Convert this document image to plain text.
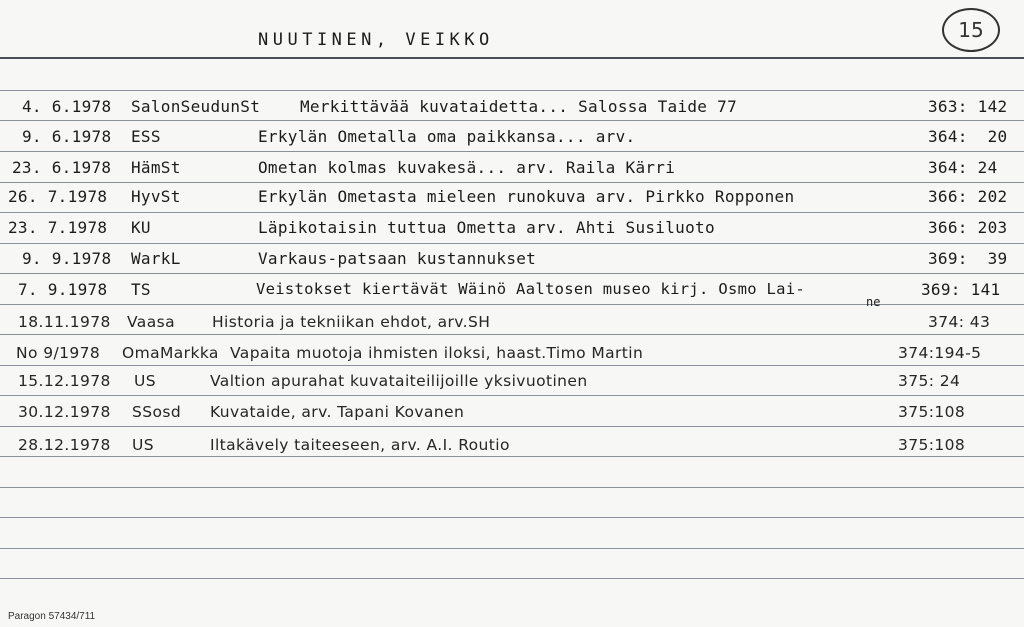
NUUTINEN, VEIKKO	15
4. 6.1978 SalonSeudunSt Merkittävää kuvataidetta... Salossa Taide 77	363: 142
9. 6.1978 ESS	Erkylän Ometalla oma paikkansa... arv.	364:  20
23. 6.1978 HämSt	Ometan kolmas kuvakesä... arv. Raila Kärri	364: 24
26. 7.1978 HyvSt	Erkylän Ometasta mieleen runokuva arv. Pirkko Ropponen	366: 202
23. 7.1978 KU	Läpikotaisin tuttua Ometta arv. Ahti Susiluoto	366: 203
9. 9.1978 WarkL	Varkaus-patsaan kustannukset	369:  39
7. 9.1978 TS	Veistokset kiertävät Wäinö Aaltosen museo kirj. Osmo Lai-	369: 141
ne
18.11.1978 Vaasa Historia ja tekniikan ehdot, arv.SH	374: 43
No 9/1978 OmaMarkka Vapaita muotoja ihmisten iloksi, haast.Timo Martin	374:194-5
15.12.1978 US	Valtion apurahat kuvataiteilijoille yksivuotinen	375: 24
30.12.1978 SSosd Kuvataide, arv. Tapani Kovanen	375:108
28.12.1978 US	Iltakävely taiteeseen, arv. A.I. Routio	375:108
Paragon 57434/711
